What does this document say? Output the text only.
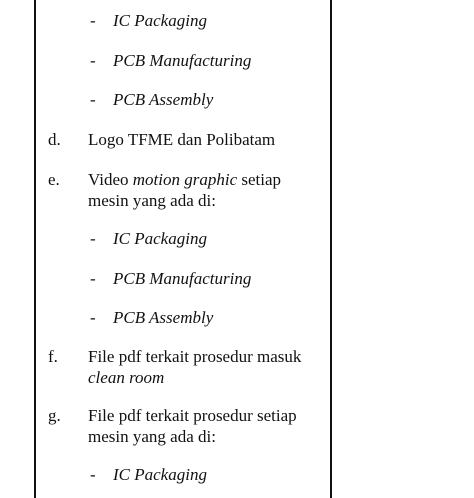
- IC Packaging
- PCB Manufacturing
- PCB Assembly
d. Logo TFME dan Polibatam
e. Video motion graphic setiap
mesin yang ada di:
- IC Packaging
- PCB Manufacturing
- PCB Assembly
f. File pdf terkait prosedur masuk
clean room
g. File pdf terkait prosedur setiap
mesin yang ada di:
- IC Packaging
